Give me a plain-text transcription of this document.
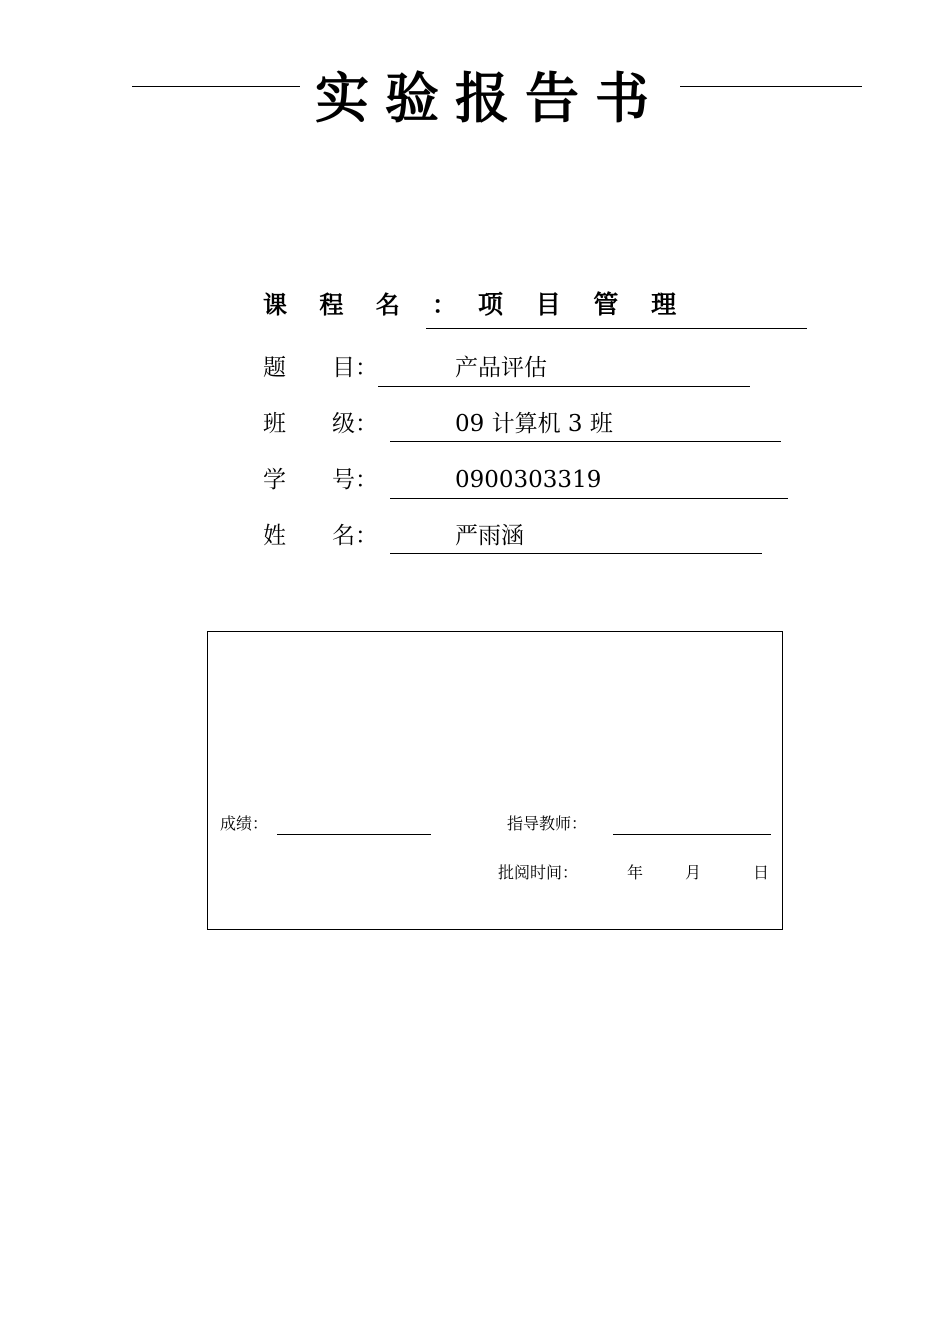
实验报告书
课 程 名 ： 项 目 管 理
题　　目：	产品评估
班　　级：	09 计算机 3 班
学　　号：	0900303319
姓　　名：	严雨涵
成绩：	指导教师：
批阅时间：	年	月	日
